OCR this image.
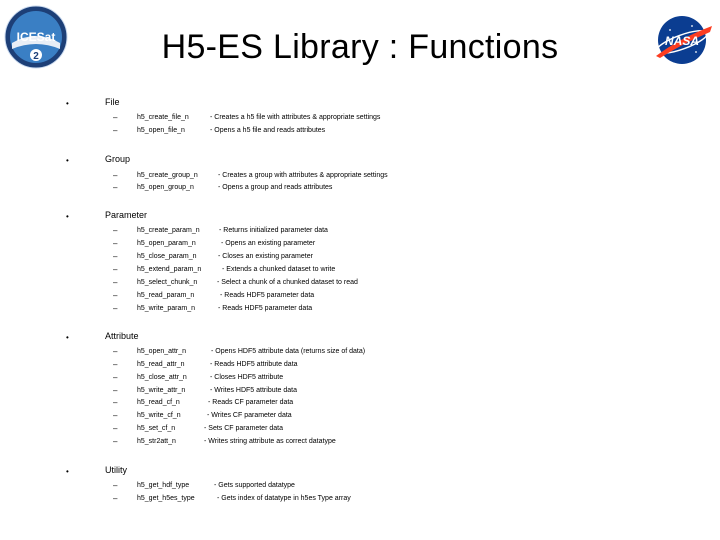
H5-ES Library : Functions
ICESat
2
NASA
•	File
–	h5_create_file_n	- Creates a h5 file with attributes & appropriate settings
–	h5_open_file_n	- Opens a h5 file and reads attributes
•	Group
–	h5_create_group_n	- Creates a group with attributes & appropriate settings
–	h5_open_group_n	- Opens a group and reads attributes
•	Parameter
–	h5_create_param_n	- Returns initialized parameter data
–	h5_open_param_n	- Opens an existing parameter
–	h5_close_param_n	- Closes an existing parameter
–	h5_extend_param_n	- Extends a chunked dataset to write
–	h5_select_chunk_n	- Select a chunk of a chunked dataset to read
–	h5_read_param_n	- Reads HDF5 parameter data
–	h5_write_param_n	- Reads HDF5 parameter data
•	Attribute
–	h5_open_attr_n	- Opens HDF5 attribute data (returns size of data)
–	h5_read_attr_n	- Reads HDF5 attribute data
–	h5_close_attr_n	- Closes HDF5 attribute
–	h5_write_attr_n	- Writes HDF5 attribute data
–	h5_read_cf_n	- Reads CF parameter data
–	h5_write_cf_n	- Writes CF parameter data
–	h5_set_cf_n	- Sets CF parameter data
–	h5_str2att_n	- Writes string attribute as correct datatype
•	Utility
–	h5_get_hdf_type	- Gets supported datatype
–	h5_get_h5es_type	- Gets index of datatype in h5es Type array
